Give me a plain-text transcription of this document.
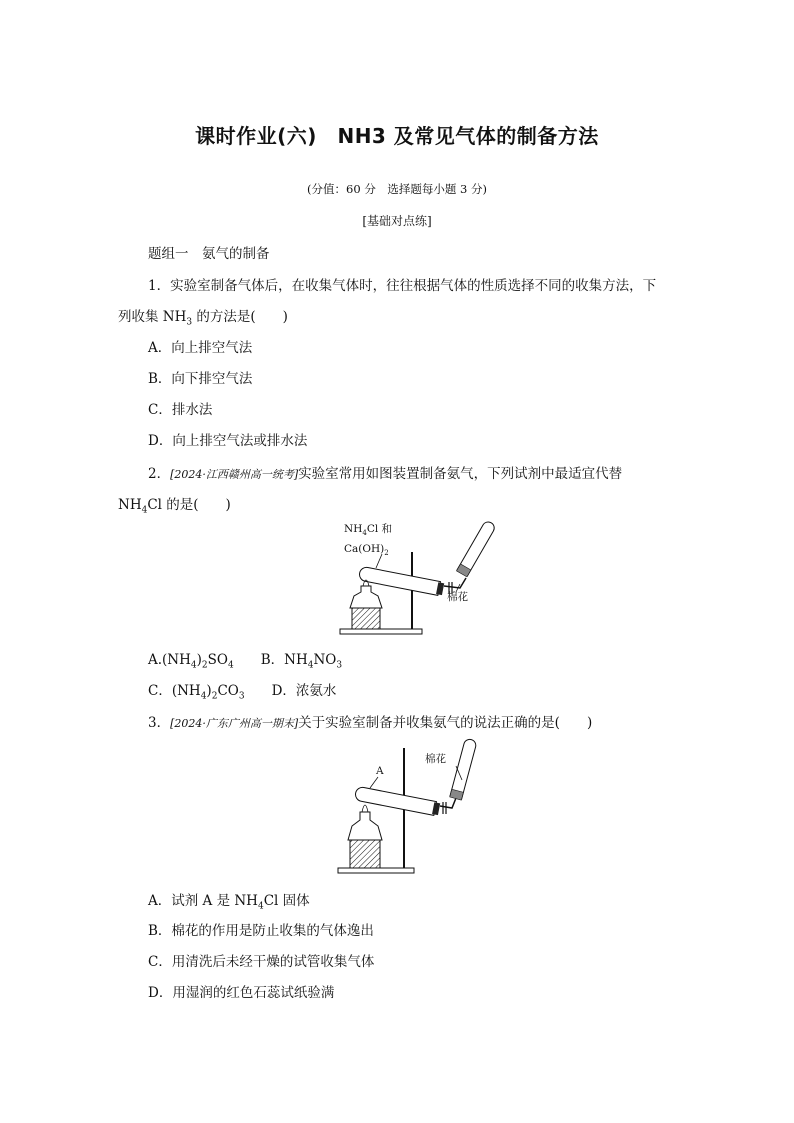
课时作业(六)　NH3 及常见气体的制备方法
(分值：60 分　选择题每小题 3 分)
[基础对点练]
题组一　氨气的制备
1．实验室制备气体后，在收集气体时，往往根据气体的性质选择不同的收集方法，下
列收集 $NH_3$ 的方法是(　　)
A．向上排空气法
B．向下排空气法
C．排水法
D．向上排空气法或排水法
2．[2024·江西赣州高一统考]实验室常用如图装置制备氨气，下列试剂中最适宜代替
$NH_4Cl$ 的是(　　)
$NH_4Cl$ 和
$Ca(OH)_2$
棉花
$A.(NH_4)_2SO_4$　　 B．$NH_4NO_3$
C．$(NH_4)_2CO_3$　　 D．浓氨水
3．[2024·广东广州高一期末]关于实验室制备并收集氨气的说法正确的是(　　)
A
棉花
A．试剂 A 是 $NH_4Cl$ 固体
B．棉花的作用是防止收集的气体逸出
C．用清洗后未经干燥的试管收集气体
D．用湿润的红色石蕊试纸验满
